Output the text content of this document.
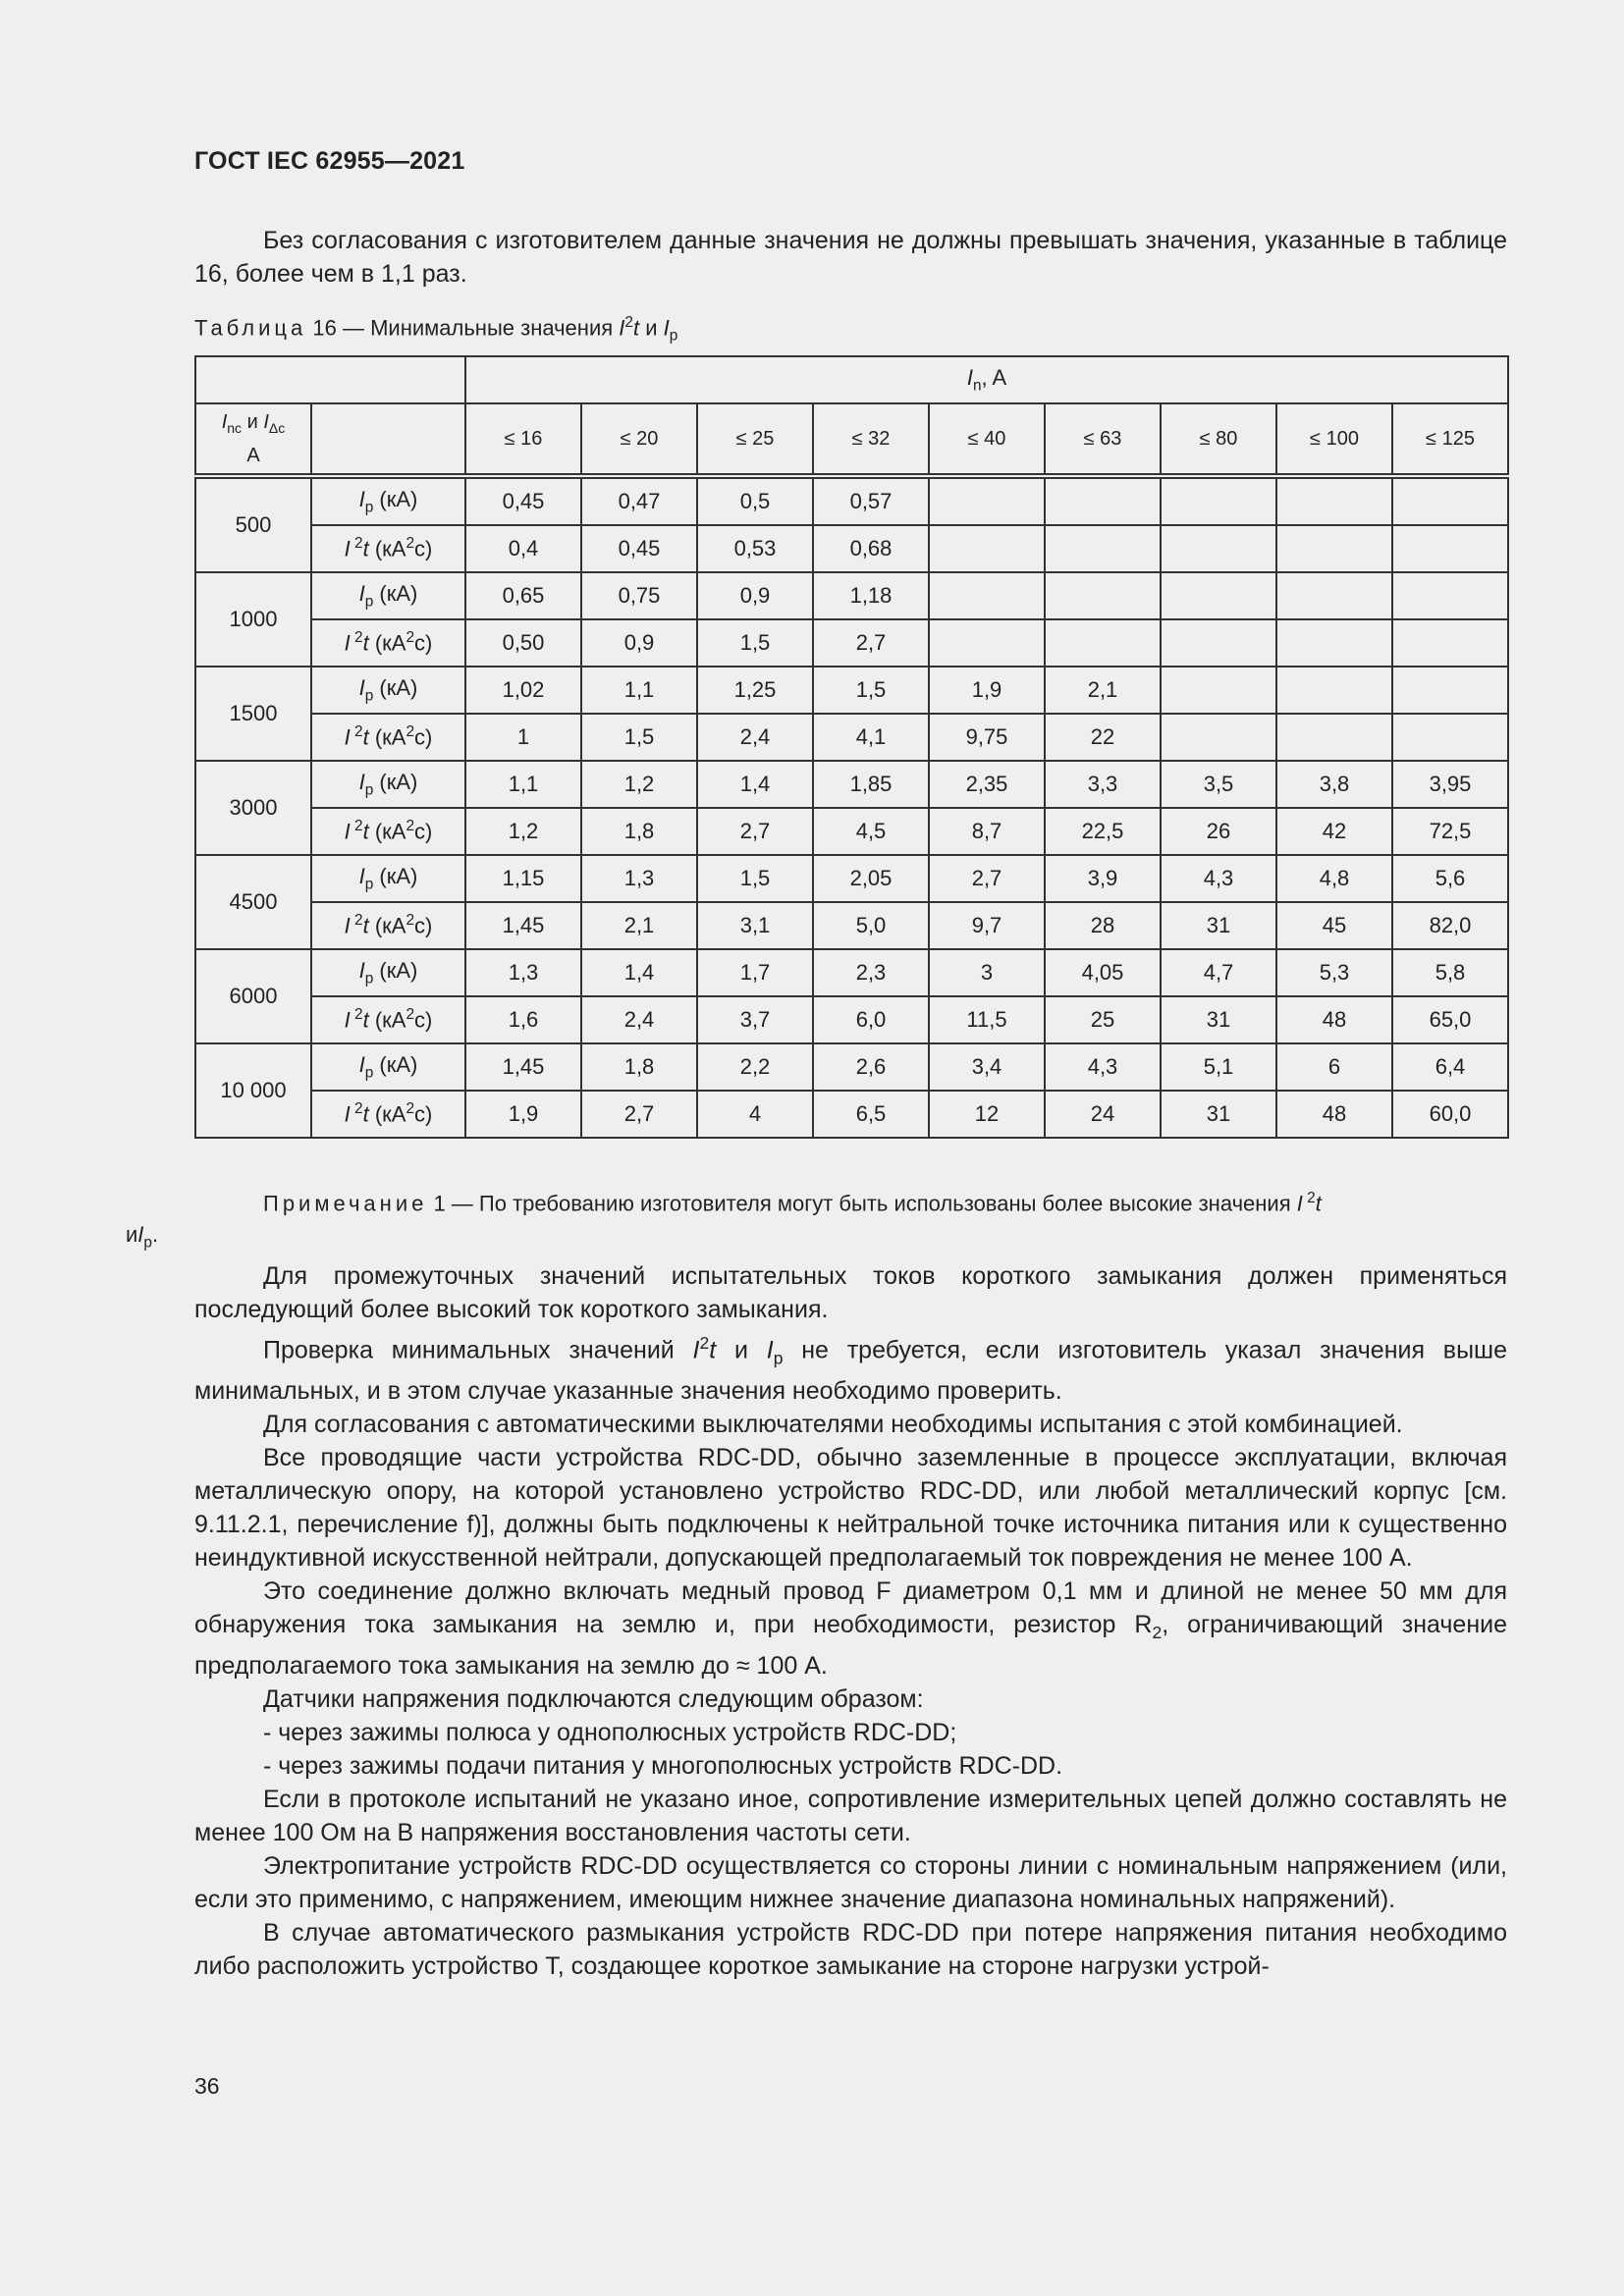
ГОСТ IEC 62955—2021
Без согласования с изготовителем данные значения не должны превышать значения, указанные в таблице 16, более чем в 1,1 раз.
Таблица 16 — Минимальные значения $I^2t$ и $I_p$
		$I_n$, A								
$I_{nc}$ и $I_{\Delta c}$
A		≤ 16	≤ 20	≤ 25	≤ 32	≤ 40	≤ 63	≤ 80	≤ 100	≤ 125
500	$I_p$ (кА)	0,45	0,47	0,5	0,57					
	I $^2$t $(кА^2с)$	0,4	0,45	0,53	0,68					
1000	$I_p$ (кА)	0,65	0,75	0,9	1,18					
	I $^2$t $(кА^2с)$	0,50	0,9	1,5	2,7					
1500	$I_p$ (кА)	1,02	1,1	1,25	1,5	1,9	2,1			
	I $^2$t $(кА^2с)$	1	1,5	2,4	4,1	9,75	22			
3000	$I_p$ (кА)	1,1	1,2	1,4	1,85	2,35	3,3	3,5	3,8	3,95
	I $^2$t $(кА^2с)$	1,2	1,8	2,7	4,5	8,7	22,5	26	42	72,5
4500	$I_p$ (кА)	1,15	1,3	1,5	2,05	2,7	3,9	4,3	4,8	5,6
	I $^2$t $(кА^2с)$	1,45	2,1	3,1	5,0	9,7	28	31	45	82,0
6000	$I_p$ (кА)	1,3	1,4	1,7	2,3	3	4,05	4,7	5,3	5,8
	I $^2$t $(кА^2с)$	1,6	2,4	3,7	6,0	11,5	25	31	48	65,0
10 000	$I_p$ (кА)	1,45	1,8	2,2	2,6	3,4	4,3	5,1	6	6,4
	I $^2$t $(кА^2с)$	1,9	2,7	4	6,5	12	24	31	48	60,0
Примечание 1 — По требованию изготовителя могут быть использованы более высокие значения I $^2$t
$иI_p$.

Для промежуточных значений испытательных токов короткого замыкания должен применяться последующий более высокий ток короткого замыкания.

Проверка минимальных значений $I^2t$ и $I_p$ не требуется, если изготовитель указал значения выше минимальных, и в этом случае указанные значения необходимо проверить.

Для согласования с автоматическими выключателями необходимы испытания с этой комбинацией.

Все проводящие части устройства RDC-DD, обычно заземленные в процессе эксплуатации, включая металлическую опору, на которой установлено устройство RDC-DD, или любой металлический корпус [см. 9.11.2.1, перечисление f)], должны быть подключены к нейтральной точке источника питания или к существенно неиндуктивной искусственной нейтрали, допускающей предполагаемый ток повреждения не менее 100 А.

Это соединение должно включать медный провод F диаметром 0,1 мм и длиной не менее 50 мм для обнаружения тока замыкания на землю и, при необходимости, резистор $R_2$, ограничивающий значение предполагаемого тока замыкания на землю до ≈ 100 А.

Датчики напряжения подключаются следующим образом:

- через зажимы полюса у однополюсных устройств RDC-DD;

- через зажимы подачи питания у многополюсных устройств RDC-DD.

Если в протоколе испытаний не указано иное, сопротивление измерительных цепей должно составлять не менее 100 Ом на В напряжения восстановления частоты сети.

Электропитание устройств RDC-DD осуществляется со стороны линии с номинальным напряжением (или, если это применимо, с напряжением, имеющим нижнее значение диапазона номинальных напряжений).

В случае автоматического размыкания устройств RDC-DD при потере напряжения питания необходимо либо расположить устройство Т, создающее короткое замыкание на стороне нагрузки устрой-

36
